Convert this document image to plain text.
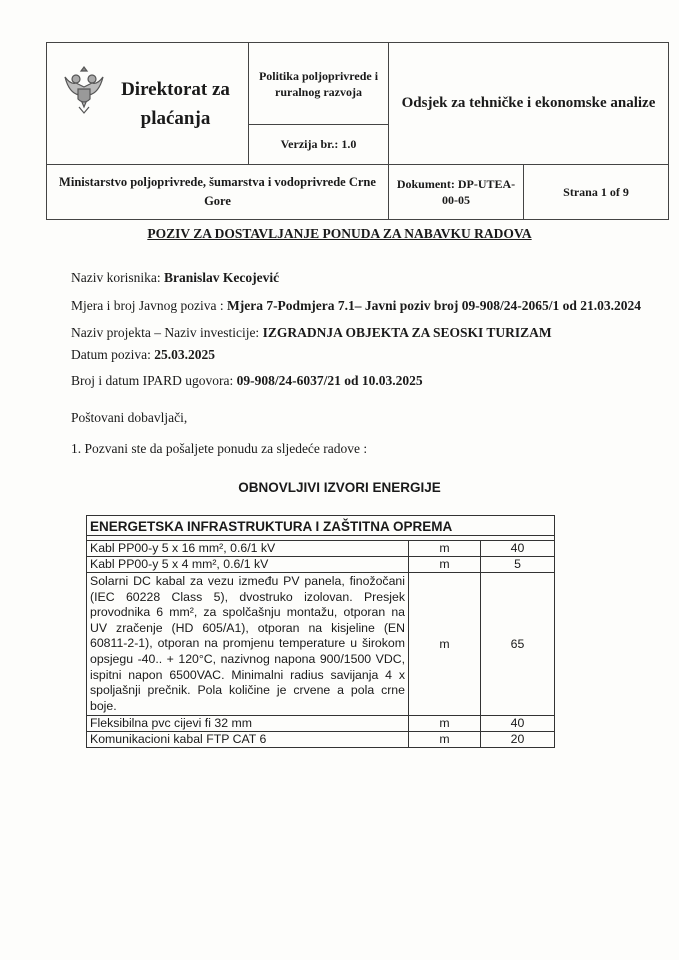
Direktorat za plaćanja	Politika poljoprivrede i ruralnog razvoja	Odsjek za tehničke i ekonomske analize	
	Verzija br.: 1.0		
Ministarstvo poljoprivrede, šumarstva i vodoprivrede Crne Gore		Dokument: DP-UTEA-00-05	Strana 1 of 9
POZIV ZA DOSTAVLJANJE PONUDA ZA NABAVKU RADOVA
Naziv korisnika: Branislav Kecojević
Mjera i broj Javnog poziva : Mjera 7-Podmjera 7.1– Javni poziv broj 09-908/24-2065/1 od 21.03.2024
Naziv projekta – Naziv investicije: IZGRADNJA OBJEKTA ZA SEOSKI TURIZAM
Datum poziva: 25.03.2025
Broj i datum IPARD ugovora: 09-908/24-6037/21 od 10.03.2025
Poštovani dobavljači,
1. Pozvani ste da pošaljete ponudu za sljedeće radove :
OBNOVLJIVI IZVORI ENERGIJE
ENERGETSKA INFRASTRUKTURA I ZAŠTITNA OPREMA		

Kabl PP00-y 5 x 16 mm², 0.6/1 kV	m	40
Kabl PP00-y 5 x 4 mm², 0.6/1 kV	m	5
Solarni DC kabal za vezu između PV panela, finožočani (IEC 60228 Class 5), dvostruko izolovan. Presjek provodnika 6 mm², za spolčašnju montažu, otporan na UV zračenje (HD 605/A1), otporan na kisjeline (EN 60811-2-1), otporan na promjenu temperature u širokom opsjegu -40.. + 120°C, nazivnog napona 900/1500 VDC, ispitni napon 6500VAC. Minimalni radius savijanja 4 x spoljašnji prečnik. Pola količine je crvene a pola crne boje.	m	65
Fleksibilna pvc cijevi fi 32 mm	m	40
Komunikacioni kabal FTP CAT 6	m	20
